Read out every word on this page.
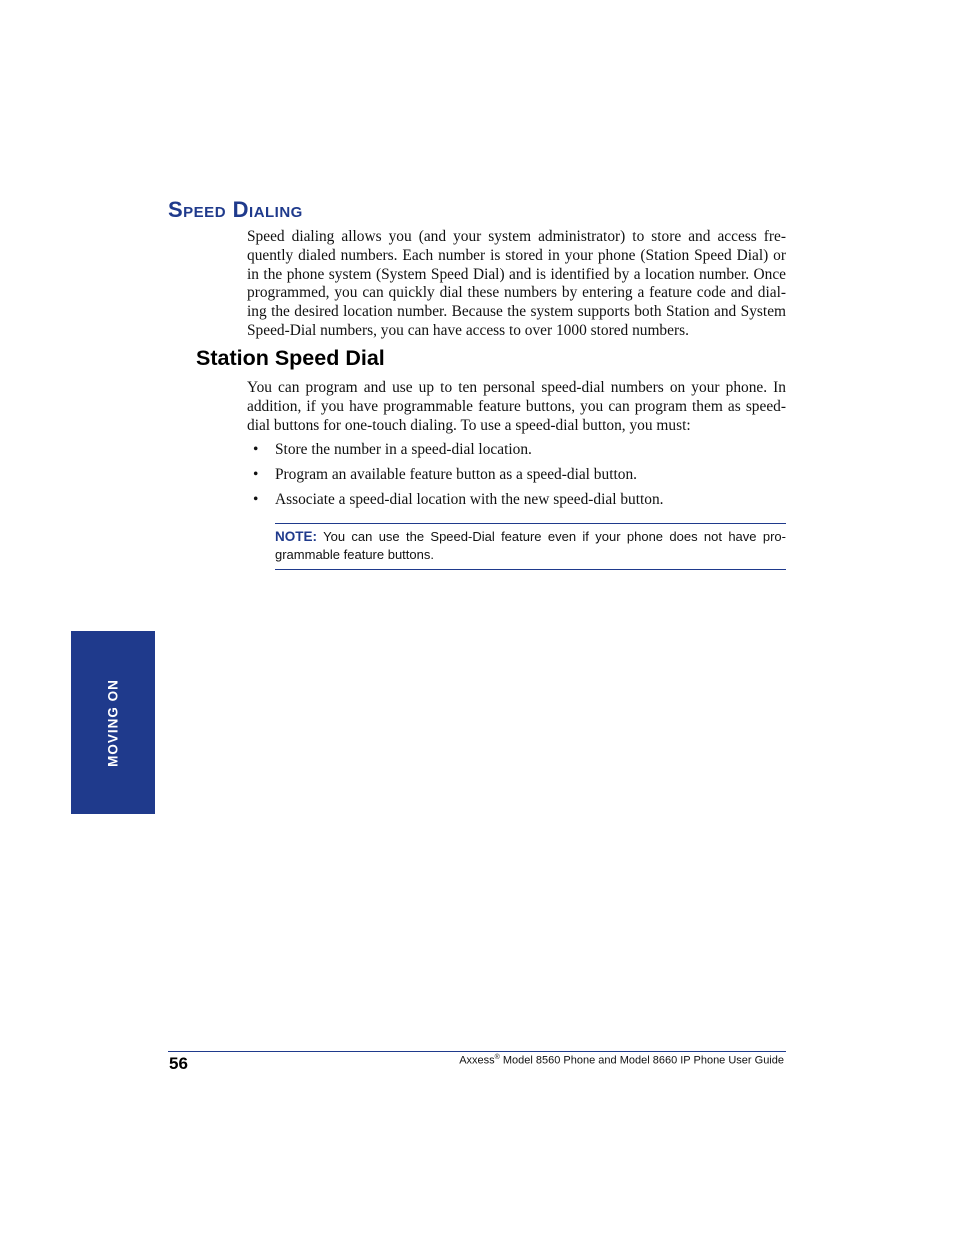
Speed Dialing

Speed dialing allows you (and your system administrator) to store and access fre-quently dialed numbers. Each number is stored in your phone (Station Speed Dial) or in the phone system (System Speed Dial) and is identified by a location number. Once programmed, you can quickly dial these numbers by entering a feature code and dial-ing the desired location number. Because the system supports both Station and System Speed-Dial numbers, you can have access to over 1000 stored numbers.

Station Speed Dial

You can program and use up to ten personal speed-dial numbers on your phone. In addition, if you have programmable feature buttons, you can program them as speed-dial buttons for one-touch dialing. To use a speed-dial button, you must:

• Store the number in a speed-dial location.
• Program an available feature button as a speed-dial button.
• Associate a speed-dial location with the new speed-dial button.
NOTE: You can use the Speed-Dial feature even if your phone does not have pro-grammable feature buttons.
MOVING ON
56	Axxess® Model 8560 Phone and Model 8660 IP Phone User Guide
